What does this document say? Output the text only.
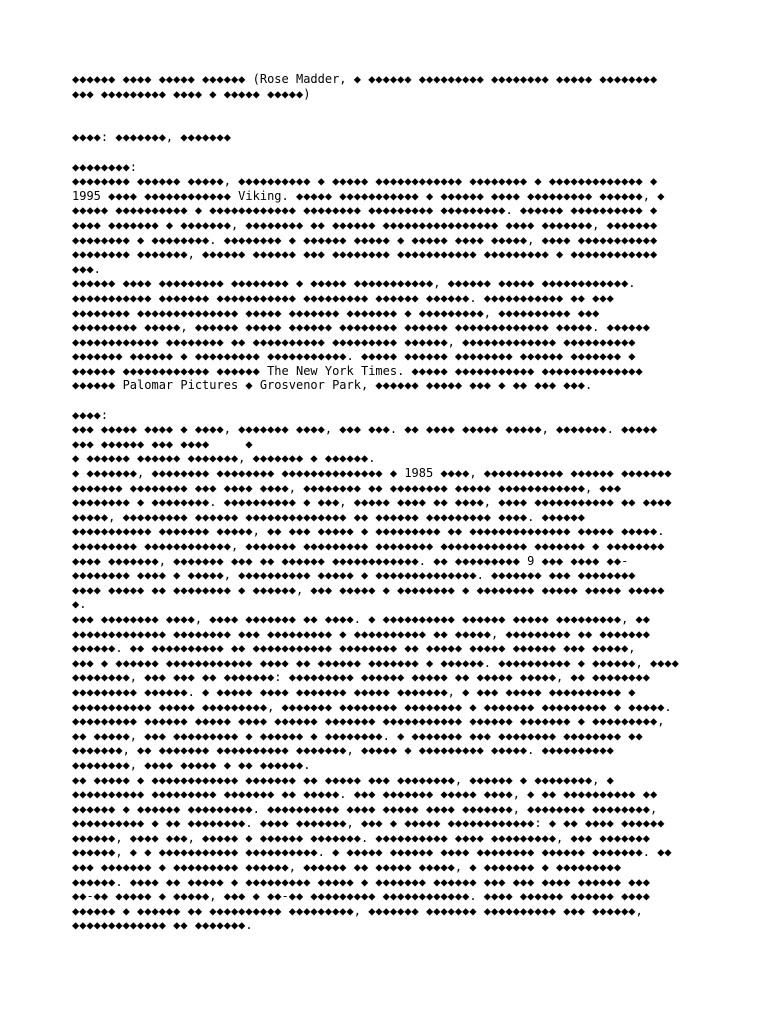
◆◆◆◆◆◆ ◆◆◆◆ ◆◆◆◆◆ ◆◆◆◆◆◆ (Rose Madder, ◆ ◆◆◆◆◆◆ ◆◆◆◆◆◆◆◆◆ ◆◆◆◆◆◆◆◆ ◆◆◆◆◆ ◆◆◆◆◆◆◆◆
◆◆◆ ◆◆◆◆◆◆◆◆◆ ◆◆◆◆ ◆ ◆◆◆◆◆ ◆◆◆◆◆)
◆◆◆◆: ◆◆◆◆◆◆◆, ◆◆◆◆◆◆◆
◆◆◆◆◆◆◆◆:
◆◆◆◆◆◆◆◆ ◆◆◆◆◆◆ ◆◆◆◆◆, ◆◆◆◆◆◆◆◆◆◆ ◆ ◆◆◆◆◆ ◆◆◆◆◆◆◆◆◆◆◆◆ ◆◆◆◆◆◆◆◆ ◆ ◆◆◆◆◆◆◆◆◆◆◆◆◆ ◆
1995 ◆◆◆◆ ◆◆◆◆◆◆◆◆◆◆◆◆ Viking. ◆◆◆◆◆ ◆◆◆◆◆◆◆◆◆◆◆ ◆ ◆◆◆◆◆◆ ◆◆◆◆ ◆◆◆◆◆◆◆◆◆ ◆◆◆◆◆◆, ◆
◆◆◆◆◆ ◆◆◆◆◆◆◆◆◆◆ ◆ ◆◆◆◆◆◆◆◆◆◆◆◆ ◆◆◆◆◆◆◆◆ ◆◆◆◆◆◆◆◆◆ ◆◆◆◆◆◆◆◆◆. ◆◆◆◆◆◆ ◆◆◆◆◆◆◆◆◆◆ ◆
◆◆◆◆ ◆◆◆◆◆◆◆ ◆ ◆◆◆◆◆◆◆, ◆◆◆◆◆◆◆◆ ◆◆ ◆◆◆◆◆◆ ◆◆◆◆◆◆◆◆◆◆◆◆◆◆◆◆ ◆◆◆◆ ◆◆◆◆◆◆◆, ◆◆◆◆◆◆◆
◆◆◆◆◆◆◆◆ ◆ ◆◆◆◆◆◆◆◆. ◆◆◆◆◆◆◆◆ ◆ ◆◆◆◆◆◆ ◆◆◆◆◆ ◆ ◆◆◆◆◆ ◆◆◆◆ ◆◆◆◆◆, ◆◆◆◆ ◆◆◆◆◆◆◆◆◆◆◆
◆◆◆◆◆◆◆◆ ◆◆◆◆◆◆◆, ◆◆◆◆◆◆ ◆◆◆◆◆◆ ◆◆◆ ◆◆◆◆◆◆◆◆ ◆◆◆◆◆◆◆◆◆◆◆ ◆◆◆◆◆◆◆◆◆ ◆ ◆◆◆◆◆◆◆◆◆◆◆◆
◆◆◆.
◆◆◆◆◆◆ ◆◆◆◆ ◆◆◆◆◆◆◆◆◆ ◆◆◆◆◆◆◆◆ ◆ ◆◆◆◆◆ ◆◆◆◆◆◆◆◆◆◆◆, ◆◆◆◆◆◆ ◆◆◆◆◆ ◆◆◆◆◆◆◆◆◆◆◆◆.
◆◆◆◆◆◆◆◆◆◆◆ ◆◆◆◆◆◆◆ ◆◆◆◆◆◆◆◆◆◆◆ ◆◆◆◆◆◆◆◆◆ ◆◆◆◆◆◆ ◆◆◆◆◆◆. ◆◆◆◆◆◆◆◆◆◆◆ ◆◆ ◆◆◆
◆◆◆◆◆◆◆◆ ◆◆◆◆◆◆◆◆◆◆◆◆◆◆ ◆◆◆◆◆ ◆◆◆◆◆◆◆ ◆◆◆◆◆◆◆ ◆ ◆◆◆◆◆◆◆◆◆, ◆◆◆◆◆◆◆◆◆◆ ◆◆◆
◆◆◆◆◆◆◆◆◆ ◆◆◆◆◆, ◆◆◆◆◆◆ ◆◆◆◆◆ ◆◆◆◆◆◆ ◆◆◆◆◆◆◆◆ ◆◆◆◆◆◆ ◆◆◆◆◆◆◆◆◆◆◆◆◆ ◆◆◆◆◆. ◆◆◆◆◆◆
◆◆◆◆◆◆◆◆◆◆◆◆ ◆◆◆◆◆◆◆◆ ◆◆ ◆◆◆◆◆◆◆◆◆◆ ◆◆◆◆◆◆◆◆◆ ◆◆◆◆◆◆, ◆◆◆◆◆◆◆◆◆◆◆◆◆ ◆◆◆◆◆◆◆◆◆◆
◆◆◆◆◆◆◆ ◆◆◆◆◆◆ ◆ ◆◆◆◆◆◆◆◆◆ ◆◆◆◆◆◆◆◆◆◆◆. ◆◆◆◆◆ ◆◆◆◆◆◆ ◆◆◆◆◆◆◆◆ ◆◆◆◆◆◆ ◆◆◆◆◆◆◆ ◆
◆◆◆◆◆◆ ◆◆◆◆◆◆◆◆◆◆◆◆ ◆◆◆◆◆◆ The New York Times. ◆◆◆◆◆ ◆◆◆◆◆◆◆◆◆◆◆ ◆◆◆◆◆◆◆◆◆◆◆◆◆◆
◆◆◆◆◆◆ Palomar Pictures ◆ Grosvenor Park, ◆◆◆◆◆◆ ◆◆◆◆◆ ◆◆◆ ◆ ◆◆ ◆◆◆ ◆◆◆.
◆◆◆◆:
◆◆◆ ◆◆◆◆◆ ◆◆◆◆ ◆ ◆◆◆◆, ◆◆◆◆◆◆◆ ◆◆◆◆, ◆◆◆ ◆◆◆. ◆◆ ◆◆◆◆ ◆◆◆◆◆ ◆◆◆◆◆, ◆◆◆◆◆◆◆. ◆◆◆◆◆
◆◆◆ ◆◆◆◆◆◆ ◆◆◆ ◆◆◆◆     ◆
◆ ◆◆◆◆◆◆ ◆◆◆◆◆◆ ◆◆◆◆◆◆◆, ◆◆◆◆◆◆◆ ◆ ◆◆◆◆◆◆.
◆ ◆◆◆◆◆◆◆, ◆◆◆◆◆◆◆◆ ◆◆◆◆◆◆◆◆ ◆◆◆◆◆◆◆◆◆◆◆◆◆◆ ◆ 1985 ◆◆◆◆, ◆◆◆◆◆◆◆◆◆◆◆ ◆◆◆◆◆◆ ◆◆◆◆◆◆◆
◆◆◆◆◆◆◆ ◆◆◆◆◆◆◆◆ ◆◆◆ ◆◆◆◆ ◆◆◆◆, ◆◆◆◆◆◆◆◆ ◆◆ ◆◆◆◆◆◆◆◆ ◆◆◆◆◆ ◆◆◆◆◆◆◆◆◆◆◆◆, ◆◆◆
◆◆◆◆◆◆◆◆ ◆ ◆◆◆◆◆◆◆◆. ◆◆◆◆◆◆◆◆◆◆ ◆ ◆◆◆, ◆◆◆◆◆ ◆◆◆◆ ◆◆ ◆◆◆◆, ◆◆◆◆ ◆◆◆◆◆◆◆◆◆◆◆ ◆◆ ◆◆◆◆
◆◆◆◆◆, ◆◆◆◆◆◆◆◆◆ ◆◆◆◆◆◆ ◆◆◆◆◆◆◆◆◆◆◆◆◆◆ ◆◆ ◆◆◆◆◆◆ ◆◆◆◆◆◆◆◆◆ ◆◆◆◆. ◆◆◆◆◆◆
◆◆◆◆◆◆◆◆◆◆◆ ◆◆◆◆◆◆◆ ◆◆◆◆◆, ◆◆ ◆◆◆ ◆◆◆◆◆ ◆ ◆◆◆◆◆◆◆◆◆ ◆◆ ◆◆◆◆◆◆◆◆◆◆◆◆◆◆ ◆◆◆◆◆ ◆◆◆◆◆.
◆◆◆◆◆◆◆◆◆ ◆◆◆◆◆◆◆◆◆◆◆◆, ◆◆◆◆◆◆◆ ◆◆◆◆◆◆◆◆◆ ◆◆◆◆◆◆◆◆ ◆◆◆◆◆◆◆◆◆◆◆◆ ◆◆◆◆◆◆◆ ◆ ◆◆◆◆◆◆◆◆
◆◆◆◆ ◆◆◆◆◆◆◆, ◆◆◆◆◆◆◆ ◆◆◆ ◆◆ ◆◆◆◆◆◆ ◆◆◆◆◆◆◆◆◆◆◆◆. ◆◆ ◆◆◆◆◆◆◆◆◆ 9 ◆◆◆ ◆◆◆◆ ◆◆-
◆◆◆◆◆◆◆◆ ◆◆◆◆ ◆ ◆◆◆◆◆, ◆◆◆◆◆◆◆◆◆◆ ◆◆◆◆◆ ◆ ◆◆◆◆◆◆◆◆◆◆◆◆◆◆. ◆◆◆◆◆◆◆ ◆◆◆ ◆◆◆◆◆◆◆◆
◆◆◆◆ ◆◆◆◆◆ ◆◆ ◆◆◆◆◆◆◆◆ ◆ ◆◆◆◆◆◆, ◆◆◆ ◆◆◆◆◆ ◆ ◆◆◆◆◆◆◆◆ ◆ ◆◆◆◆◆◆◆◆ ◆◆◆◆◆ ◆◆◆◆◆ ◆◆◆◆◆
◆.
◆◆◆ ◆◆◆◆◆◆◆◆ ◆◆◆◆, ◆◆◆◆ ◆◆◆◆◆◆◆ ◆◆ ◆◆◆◆. ◆ ◆◆◆◆◆◆◆◆◆◆ ◆◆◆◆◆◆ ◆◆◆◆◆ ◆◆◆◆◆◆◆◆◆, ◆◆
◆◆◆◆◆◆◆◆◆◆◆◆◆ ◆◆◆◆◆◆◆◆ ◆◆◆ ◆◆◆◆◆◆◆◆◆ ◆ ◆◆◆◆◆◆◆◆◆◆ ◆◆ ◆◆◆◆◆, ◆◆◆◆◆◆◆◆◆ ◆◆ ◆◆◆◆◆◆◆
◆◆◆◆◆◆. ◆◆ ◆◆◆◆◆◆◆◆◆◆ ◆◆ ◆◆◆◆◆◆◆◆◆◆◆ ◆◆◆◆◆◆◆◆ ◆◆ ◆◆◆◆◆ ◆◆◆◆◆ ◆◆◆◆◆◆ ◆◆◆ ◆◆◆◆◆,
◆◆◆ ◆ ◆◆◆◆◆◆ ◆◆◆◆◆◆◆◆◆◆◆◆ ◆◆◆◆ ◆◆ ◆◆◆◆◆◆ ◆◆◆◆◆◆◆ ◆ ◆◆◆◆◆◆. ◆◆◆◆◆◆◆◆◆◆ ◆ ◆◆◆◆◆◆, ◆◆◆◆
◆◆◆◆◆◆◆◆, ◆◆◆ ◆◆◆ ◆◆ ◆◆◆◆◆◆◆: ◆◆◆◆◆◆◆◆◆ ◆◆◆◆◆◆ ◆◆◆◆◆ ◆◆ ◆◆◆◆◆ ◆◆◆◆◆, ◆◆ ◆◆◆◆◆◆◆◆
◆◆◆◆◆◆◆◆◆ ◆◆◆◆◆◆. ◆ ◆◆◆◆◆ ◆◆◆◆ ◆◆◆◆◆◆◆ ◆◆◆◆◆ ◆◆◆◆◆◆◆, ◆ ◆◆◆ ◆◆◆◆◆ ◆◆◆◆◆◆◆◆◆◆ ◆
◆◆◆◆◆◆◆◆◆◆◆ ◆◆◆◆◆ ◆◆◆◆◆◆◆◆◆, ◆◆◆◆◆◆◆ ◆◆◆◆◆◆◆◆ ◆◆◆◆◆◆◆◆ ◆ ◆◆◆◆◆◆◆ ◆◆◆◆◆◆◆◆◆ ◆ ◆◆◆◆◆.
◆◆◆◆◆◆◆◆◆ ◆◆◆◆◆◆ ◆◆◆◆◆ ◆◆◆◆ ◆◆◆◆◆◆ ◆◆◆◆◆◆◆ ◆◆◆◆◆◆◆◆◆◆◆ ◆◆◆◆◆◆ ◆◆◆◆◆◆◆ ◆ ◆◆◆◆◆◆◆◆◆,
◆◆ ◆◆◆◆◆, ◆◆◆ ◆◆◆◆◆◆◆◆◆ ◆ ◆◆◆◆◆◆ ◆ ◆◆◆◆◆◆◆◆. ◆ ◆◆◆◆◆◆◆ ◆◆◆ ◆◆◆◆◆◆◆◆ ◆◆◆◆◆◆◆◆ ◆◆
◆◆◆◆◆◆◆, ◆◆ ◆◆◆◆◆◆◆ ◆◆◆◆◆◆◆◆◆◆ ◆◆◆◆◆◆◆, ◆◆◆◆◆ ◆ ◆◆◆◆◆◆◆◆◆ ◆◆◆◆◆. ◆◆◆◆◆◆◆◆◆◆
◆◆◆◆◆◆◆◆, ◆◆◆◆ ◆◆◆◆◆ ◆ ◆◆ ◆◆◆◆◆◆.
◆◆ ◆◆◆◆◆ ◆ ◆◆◆◆◆◆◆◆◆◆◆◆ ◆◆◆◆◆◆◆ ◆◆ ◆◆◆◆◆ ◆◆◆ ◆◆◆◆◆◆◆◆, ◆◆◆◆◆◆ ◆ ◆◆◆◆◆◆◆◆, ◆
◆◆◆◆◆◆◆◆◆◆ ◆◆◆◆◆◆◆◆◆ ◆◆◆◆◆◆◆ ◆◆ ◆◆◆◆◆. ◆◆◆ ◆◆◆◆◆◆◆ ◆◆◆◆◆ ◆◆◆◆, ◆ ◆◆ ◆◆◆◆◆◆◆◆◆◆ ◆◆
◆◆◆◆◆◆ ◆ ◆◆◆◆◆◆ ◆◆◆◆◆◆◆◆◆. ◆◆◆◆◆◆◆◆◆◆ ◆◆◆◆ ◆◆◆◆◆ ◆◆◆◆ ◆◆◆◆◆◆◆, ◆◆◆◆◆◆◆◆ ◆◆◆◆◆◆◆◆,
◆◆◆◆◆◆◆◆◆◆ ◆ ◆◆ ◆◆◆◆◆◆◆◆. ◆◆◆◆ ◆◆◆◆◆◆◆, ◆◆◆ ◆ ◆◆◆◆◆ ◆◆◆◆◆◆◆◆◆◆◆◆: ◆ ◆◆ ◆◆◆◆ ◆◆◆◆◆◆
◆◆◆◆◆◆, ◆◆◆◆ ◆◆◆, ◆◆◆◆◆ ◆ ◆◆◆◆◆◆ ◆◆◆◆◆◆◆. ◆◆◆◆◆◆◆◆◆◆ ◆◆◆◆ ◆◆◆◆◆◆◆◆◆, ◆◆◆ ◆◆◆◆◆◆◆
◆◆◆◆◆◆, ◆ ◆ ◆◆◆◆◆◆◆◆◆◆◆ ◆◆◆◆◆◆◆◆◆◆. ◆ ◆◆◆◆◆ ◆◆◆◆◆◆ ◆◆◆◆ ◆◆◆◆◆◆◆◆ ◆◆◆◆◆◆ ◆◆◆◆◆◆◆. ◆◆
◆◆◆ ◆◆◆◆◆◆◆ ◆ ◆◆◆◆◆◆◆◆◆ ◆◆◆◆◆◆, ◆◆◆◆◆◆ ◆◆ ◆◆◆◆◆ ◆◆◆◆◆, ◆ ◆◆◆◆◆◆◆ ◆ ◆◆◆◆◆◆◆◆◆
◆◆◆◆◆◆. ◆◆◆◆ ◆◆ ◆◆◆◆◆ ◆ ◆◆◆◆◆◆◆◆◆ ◆◆◆◆◆ ◆ ◆◆◆◆◆◆◆ ◆◆◆◆◆◆ ◆◆◆ ◆◆◆ ◆◆◆◆ ◆◆◆◆◆◆ ◆◆◆
◆◆-◆◆ ◆◆◆◆◆ ◆ ◆◆◆◆◆, ◆◆◆ ◆ ◆◆-◆◆ ◆◆◆◆◆◆◆◆◆ ◆◆◆◆◆◆◆◆◆◆◆◆. ◆◆◆◆ ◆◆◆◆◆◆ ◆◆◆◆◆◆ ◆◆◆◆
◆◆◆◆◆◆ ◆ ◆◆◆◆◆◆ ◆◆ ◆◆◆◆◆◆◆◆◆◆ ◆◆◆◆◆◆◆◆◆, ◆◆◆◆◆◆◆ ◆◆◆◆◆◆◆ ◆◆◆◆◆◆◆◆◆◆ ◆◆◆ ◆◆◆◆◆◆,
◆◆◆◆◆◆◆◆◆◆◆◆◆ ◆◆ ◆◆◆◆◆◆◆.
